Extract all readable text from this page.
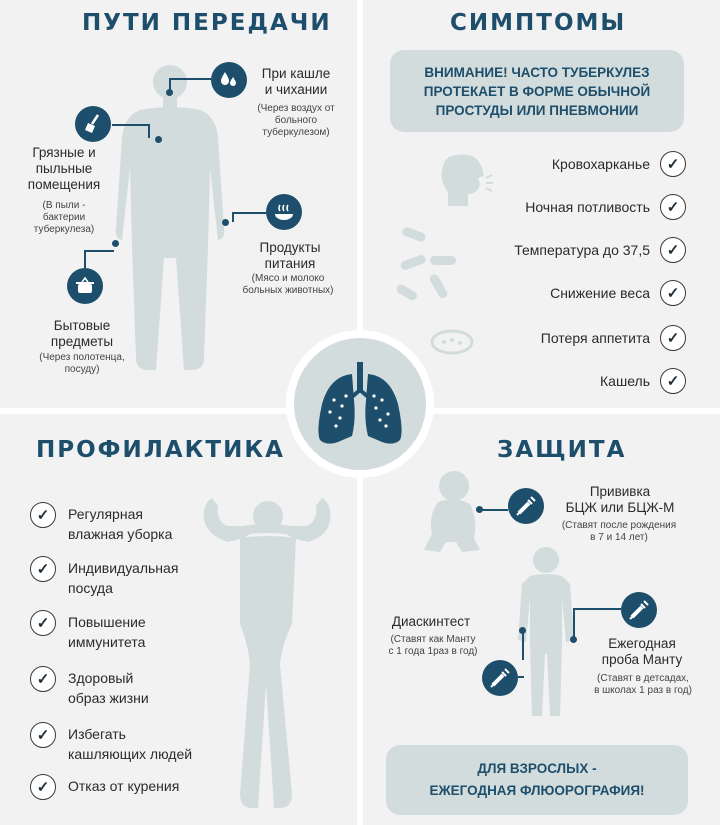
ПУТИ ПЕРЕДАЧИ
При кашле
и чихании
(Через воздух от
больного
туберкулезом)
Грязные и
пыльные
помещения
(В пыли -
бактерии
туберкулеза)
Продукты
питания
(Мясо и молоко
больных животных)
Бытовые
предметы
(Через полотенца,
посуду)
СИМПТОМЫ
ВНИМАНИЕ! ЧАСТО ТУБЕРКУЛЕЗ
ПРОТЕКАЕТ В ФОРМЕ ОБЫЧНОЙ
ПРОСТУДЫ ИЛИ ПНЕВМОНИИ
Кровохарканье	✓
Ночная потливость	✓
Температура до 37,5	✓
Снижение веса	✓
Потеря аппетита	✓
Кашель	✓
ПРОФИЛАКТИКА
✓	Регулярная
влажная уборка
✓	Индивидуальная
посуда
✓	Повышение
иммунитета
✓	Здоровый
образ жизни
✓	Избегать
кашляющих людей
✓	Отказ от курения
ЗАЩИТА
Прививка
БЦЖ или БЦЖ-М
(Ставят после рождения
в 7 и 14 лет)
Диаскинтест
(Ставят как Манту
с 1 года 1раз в год)
Ежегодная
проба Манту
(Ставят в детсадах,
в школах 1 раз в год)
ДЛЯ ВЗРОСЛЫХ -
ЕЖЕГОДНАЯ ФЛЮОРОГРАФИЯ!
